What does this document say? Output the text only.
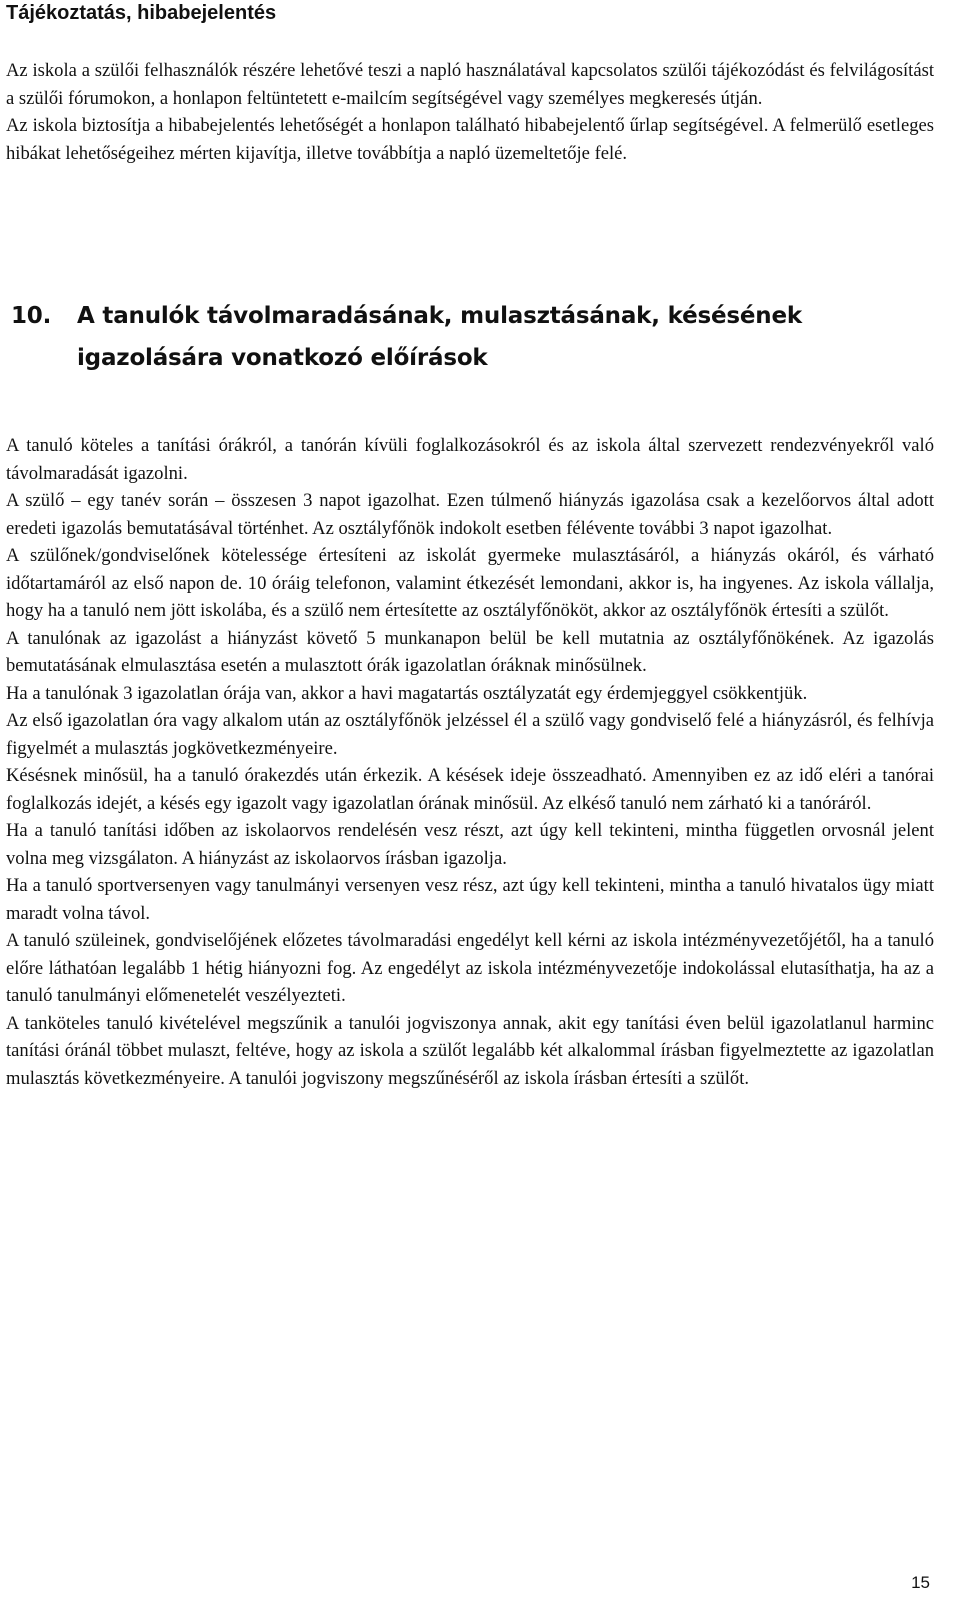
Tájékoztatás, hibabejelentés

Az iskola a szülői felhasználók részére lehetővé teszi a napló használatával kapcsolatos szülői tájékozódást és felvilágosítást a szülői fórumokon, a honlapon feltüntetett e-mailcím segítségével vagy személyes megkeresés útján.

Az iskola biztosítja a hibabejelentés lehetőségét a honlapon található hibabejelentő űrlap segítségével. A felmerülő esetleges hibákat lehetőségeihez mérten kijavítja, illetve továbbítja a napló üzemeltetője felé.

10. A tanulók távolmaradásának, mulasztásának, késésének igazolására vonatkozó előírások

A tanuló köteles a tanítási órákról, a tanórán kívüli foglalkozásokról és az iskola által szervezett rendezvényekről való távolmaradását igazolni.

A szülő – egy tanév során – összesen 3 napot igazolhat. Ezen túlmenő hiányzás igazolása csak a kezelőorvos által adott eredeti igazolás bemutatásával történhet. Az osztályfőnök indokolt esetben félévente további 3 napot igazolhat.

A szülőnek/gondviselőnek kötelessége értesíteni az iskolát gyermeke mulasztásáról, a hiányzás okáról, és várható időtartamáról az első napon de. 10 óráig telefonon, valamint étkezését lemondani, akkor is, ha ingyenes. Az iskola vállalja, hogy ha a tanuló nem jött iskolába, és a szülő nem értesítette az osztályfőnököt, akkor az osztályfőnök értesíti a szülőt.

A tanulónak az igazolást a hiányzást követő 5 munkanapon belül be kell mutatnia az osztályfőnökének. Az igazolás bemutatásának elmulasztása esetén a mulasztott órák igazolatlan óráknak minősülnek.

Ha a tanulónak 3 igazolatlan órája van, akkor a havi magatartás osztályzatát egy érdemjeggyel csökkentjük.

Az első igazolatlan óra vagy alkalom után az osztályfőnök jelzéssel él a szülő vagy gondviselő felé a hiányzásról, és felhívja figyelmét a mulasztás jogkövetkezményeire.

Késésnek minősül, ha a tanuló órakezdés után érkezik. A késések ideje összeadható. Amennyiben ez az idő eléri a tanórai foglalkozás idejét, a késés egy igazolt vagy igazolatlan órának minősül. Az elkéső tanuló nem zárható ki a tanóráról.

Ha a tanuló tanítási időben az iskolaorvos rendelésén vesz részt, azt úgy kell tekinteni, mintha független orvosnál jelent volna meg vizsgálaton. A hiányzást az iskolaorvos írásban igazolja.

Ha a tanuló sportversenyen vagy tanulmányi versenyen vesz rész, azt úgy kell tekinteni, mintha a tanuló hivatalos ügy miatt maradt volna távol.

A tanuló szüleinek, gondviselőjének előzetes távolmaradási engedélyt kell kérni az iskola intézményvezetőjétől, ha a tanuló előre láthatóan legalább 1 hétig hiányozni fog. Az engedélyt az iskola intézményvezetője indokolással elutasíthatja, ha az a tanuló tanulmányi előmenetelét veszélyezteti.

A tanköteles tanuló kivételével megszűnik a tanulói jogviszonya annak, akit egy tanítási éven belül igazolatlanul harminc tanítási óránál többet mulaszt, feltéve, hogy az iskola a szülőt legalább két alkalommal írásban figyelmeztette az igazolatlan mulasztás következményeire. A tanulói jogviszony megszűnéséről az iskola írásban értesíti a szülőt.

15
